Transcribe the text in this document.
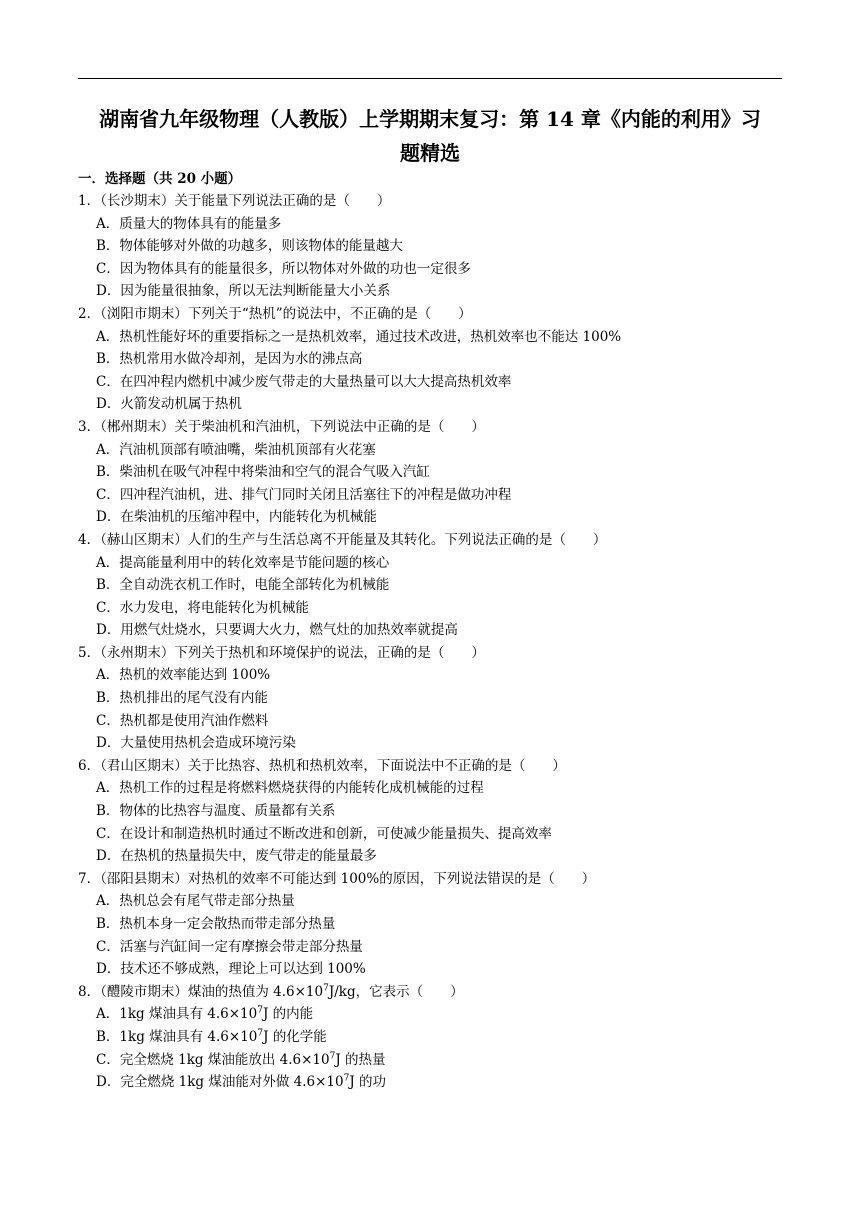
湖南省九年级物理（人教版）上学期期末复习：第 14 章《内能的利用》习
题精选
一．选择题（共 20 小题）
1．（长沙期末）关于能量下列说法正确的是（　　）
A．质量大的物体具有的能量多
B．物体能够对外做的功越多，则该物体的能量越大
C．因为物体具有的能量很多，所以物体对外做的功也一定很多
D．因为能量很抽象，所以无法判断能量大小关系
2．（浏阳市期末）下列关于“热机”的说法中，不正确的是（　　）
A．热机性能好坏的重要指标之一是热机效率，通过技术改进，热机效率也不能达 100%
B．热机常用水做冷却剂，是因为水的沸点高
C．在四冲程内燃机中减少废气带走的大量热量可以大大提高热机效率
D．火箭发动机属于热机
3．（郴州期末）关于柴油机和汽油机，下列说法中正确的是（　　）
A．汽油机顶部有喷油嘴，柴油机顶部有火花塞
B．柴油机在吸气冲程中将柴油和空气的混合气吸入汽缸
C．四冲程汽油机，进、排气门同时关闭且活塞往下的冲程是做功冲程
D．在柴油机的压缩冲程中，内能转化为机械能
4．（赫山区期末）人们的生产与生活总离不开能量及其转化。下列说法正确的是（　　）
A．提高能量利用中的转化效率是节能问题的核心
B．全自动洗衣机工作时，电能全部转化为机械能
C．水力发电，将电能转化为机械能
D．用燃气灶烧水，只要调大火力，燃气灶的加热效率就提高
5．（永州期末）下列关于热机和环境保护的说法，正确的是（　　）
A．热机的效率能达到 100%
B．热机排出的尾气没有内能
C．热机都是使用汽油作燃料
D．大量使用热机会造成环境污染
6．（君山区期末）关于比热容、热机和热机效率，下面说法中不正确的是（　　）
A．热机工作的过程是将燃料燃烧获得的内能转化成机械能的过程
B．物体的比热容与温度、质量都有关系
C．在设计和制造热机时通过不断改进和创新，可使减少能量损失、提高效率
D．在热机的热量损失中，废气带走的能量最多
7．（邵阳县期末）对热机的效率不可能达到 100%的原因，下列说法错误的是（　　）
A．热机总会有尾气带走部分热量
B．热机本身一定会散热而带走部分热量
C．活塞与汽缸间一定有摩擦会带走部分热量
D．技术还不够成熟，理论上可以达到 100%
8．（醴陵市期末）煤油的热值为 $4.6\times 10^7J/kg$，它表示（　　）
A．1kg 煤油具有 $4.6\times 10^7J$ 的内能
B．1kg 煤油具有 $4.6\times 10^7J$ 的化学能
C．完全燃烧 1kg 煤油能放出 $4.6\times 10^7J$ 的热量
D．完全燃烧 1kg 煤油能对外做 $4.6\times 10^7J$ 的功
